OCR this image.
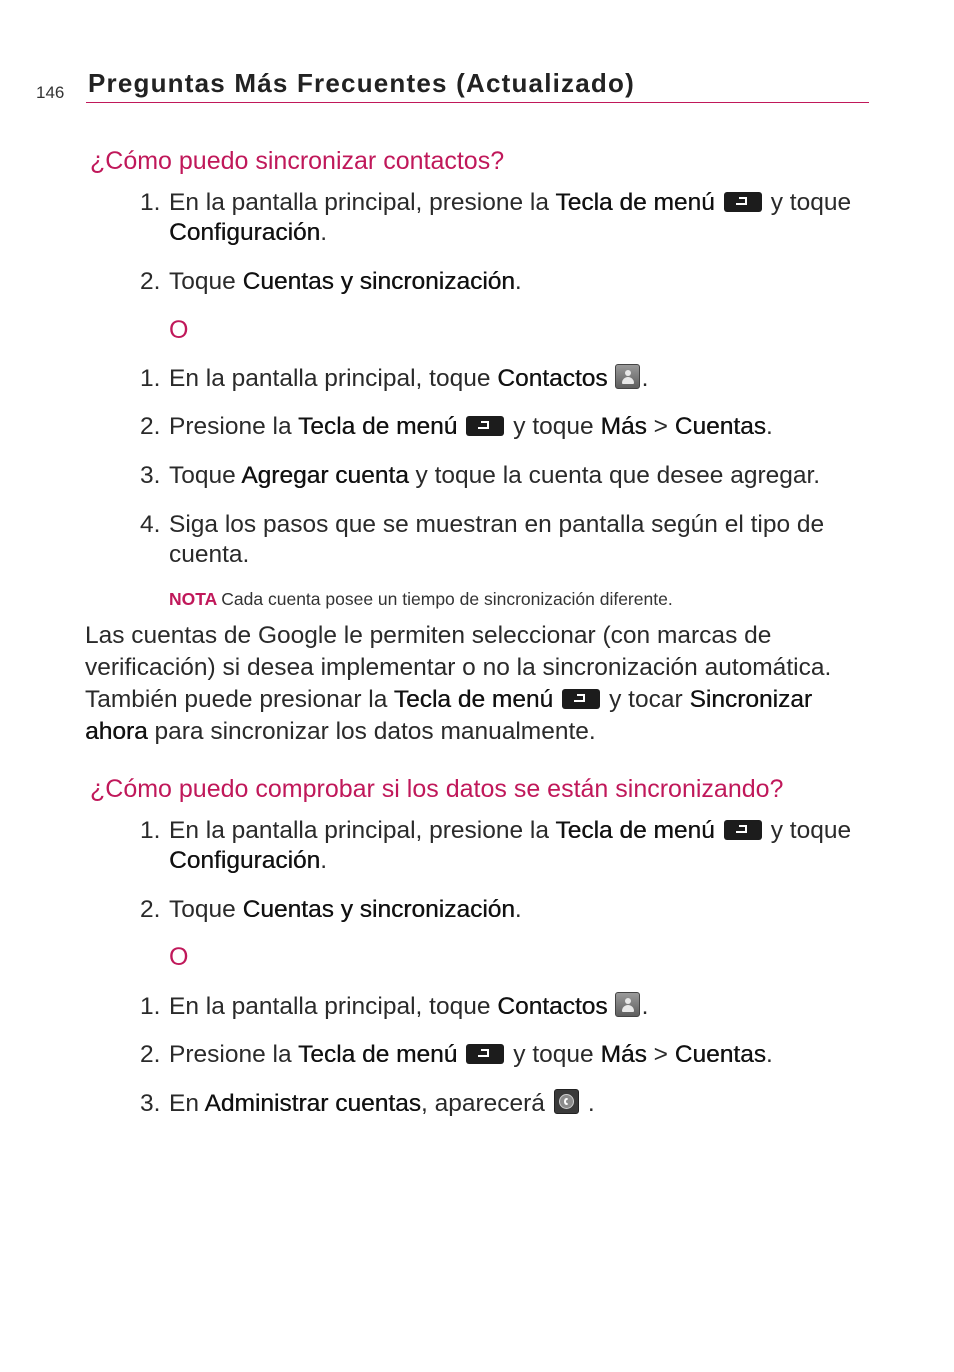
146 Preguntas Más Frecuentes (Actualizado)
¿Cómo puedo sincronizar contactos?
1. En la pantalla principal, presione la Tecla de menú y toque Configuración.
2. Toque Cuentas y sincronización.
O
1. En la pantalla principal, toque Contactos .
2. Presione la Tecla de menú y toque Más > Cuentas.
3. Toque Agregar cuenta y toque la cuenta que desee agregar.
4. Siga los pasos que se muestran en pantalla según el tipo de cuenta.
NOTA Cada cuenta posee un tiempo de sincronización diferente.
Las cuentas de Google le permiten seleccionar (con marcas de verificación) si desea implementar o no la sincronización automática. También puede presionar la Tecla de menú y tocar Sincronizar ahora para sincronizar los datos manualmente.
¿Cómo puedo comprobar si los datos se están sincronizando?
1. En la pantalla principal, presione la Tecla de menú y toque Configuración.
2. Toque Cuentas y sincronización.
O
1. En la pantalla principal, toque Contactos .
2. Presione la Tecla de menú y toque Más > Cuentas.
3. En Administrar cuentas, aparecerá .
